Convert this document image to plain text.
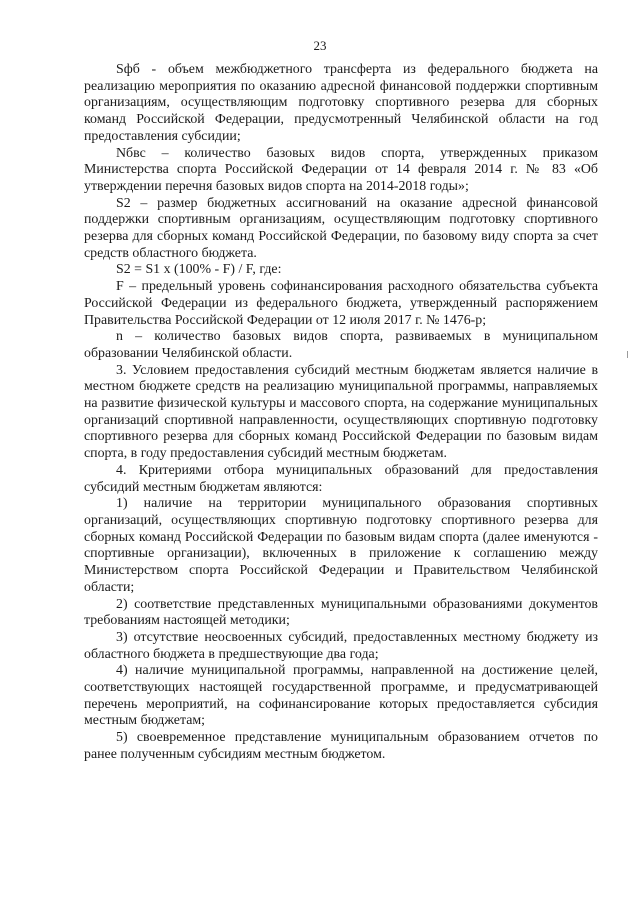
23

Sфб - объем межбюджетного трансферта из федерального бюджета на реализацию мероприятия по оказанию адресной финансовой поддержки спортивным организациям, осуществляющим подготовку спортивного резерва для сборных команд Российской Федерации, предусмотренный Челябинской области на год предоставления субсидии;

Nбвс – количество базовых видов спорта, утвержденных приказом Министерства спорта Российской Федерации от 14 февраля 2014 г. № 83 «Об утверждении перечня базовых видов спорта на 2014-2018 годы»;

S2 – размер бюджетных ассигнований на оказание адресной финансовой поддержки спортивным организациям, осуществляющим подготовку спортивного резерва для сборных команд Российской Федерации, по базовому виду спорта за счет средств областного бюджета.

S2 = S1 x (100% - F) / F, где:

F – предельный уровень софинансирования расходного обязательства субъекта Российской Федерации из федерального бюджета, утвержденный распоряжением Правительства Российской Федерации от 12 июля 2017 г. № 1476-р;

n – количество базовых видов спорта, развиваемых в муниципальном образовании Челябинской области.

3. Условием предоставления субсидий местным бюджетам является наличие в местном бюджете средств на реализацию муниципальной программы, направляемых на развитие физической культуры и массового спорта, на содержание муниципальных организаций спортивной направленности, осуществляющих спортивную подготовку спортивного резерва для сборных команд Российской Федерации по базовым видам спорта, в году предоставления субсидий местным бюджетам.

4. Критериями отбора муниципальных образований для предоставления субсидий местным бюджетам являются:

1) наличие на территории муниципального образования спортивных организаций, осуществляющих спортивную подготовку спортивного резерва для сборных команд Российской Федерации по базовым видам спорта (далее именуются - спортивные организации), включенных в приложение к соглашению между Министерством спорта Российской Федерации и Правительством Челябинской области;

2) соответствие представленных муниципальными образованиями документов требованиям настоящей методики;

3) отсутствие неосвоенных субсидий, предоставленных местному бюджету из областного бюджета в предшествующие два года;

4) наличие муниципальной программы, направленной на достижение целей, соответствующих настоящей государственной программе, и предусматривающей перечень мероприятий, на софинансирование которых предоставляется субсидия местным бюджетам;

5) своевременное представление муниципальным образованием отчетов по ранее полученным субсидиям местным бюджетом.
